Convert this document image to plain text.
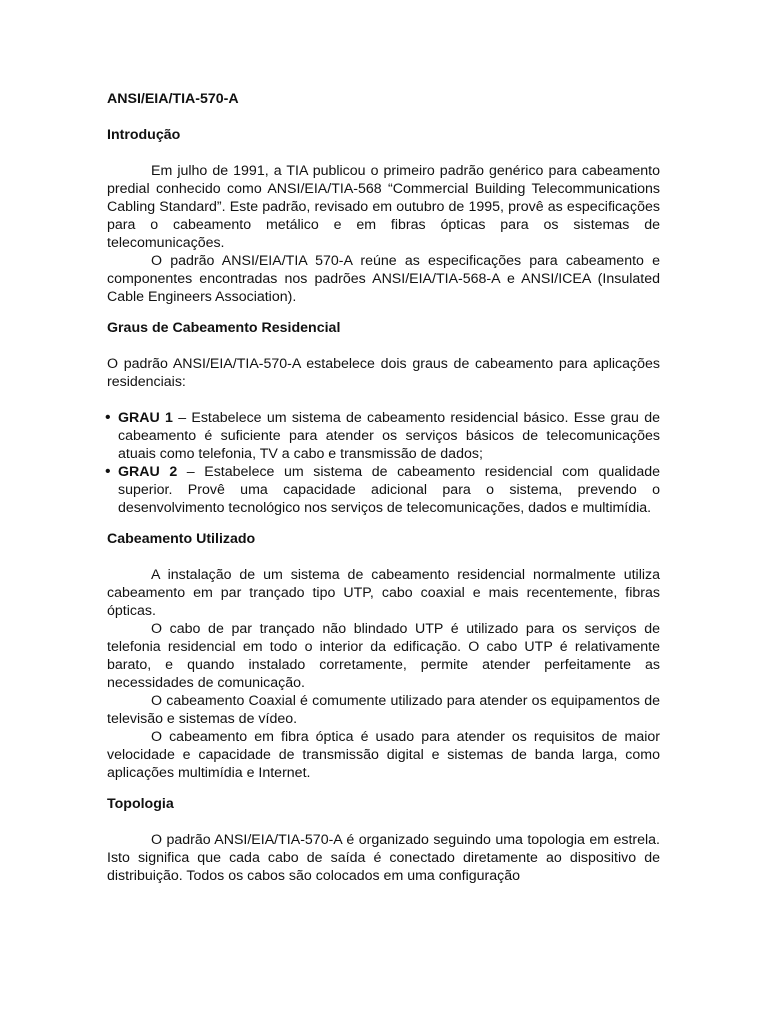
ANSI/EIA/TIA-570-A

Introdução

Em julho de 1991, a TIA publicou o primeiro padrão genérico para cabeamento predial conhecido como ANSI/EIA/TIA-568 “Commercial Building Telecommunications Cabling Standard”. Este padrão, revisado em outubro de 1995, provê as especificações para o cabeamento metálico e em fibras ópticas para os sistemas de telecomunicações.

O padrão ANSI/EIA/TIA 570-A reúne as especificações para cabeamento e componentes encontradas nos padrões ANSI/EIA/TIA-568-A e ANSI/ICEA (Insulated Cable Engineers Association).

Graus de Cabeamento Residencial

O padrão ANSI/EIA/TIA-570-A estabelece dois graus de cabeamento para aplicações residenciais:

• GRAU 1 – Estabelece um sistema de cabeamento residencial básico. Esse grau de cabeamento é suficiente para atender os serviços básicos de telecomunicações atuais como telefonia, TV a cabo e transmissão de dados;
• GRAU 2 – Estabelece um sistema de cabeamento residencial com qualidade superior. Provê uma capacidade adicional para o sistema, prevendo o desenvolvimento tecnológico nos serviços de telecomunicações, dados e multimídia.

Cabeamento Utilizado

A instalação de um sistema de cabeamento residencial normalmente utiliza cabeamento em par trançado tipo UTP, cabo coaxial e mais recentemente, fibras ópticas.

O cabo de par trançado não blindado UTP é utilizado para os serviços de telefonia residencial em todo o interior da edificação. O cabo UTP é relativamente barato, e quando instalado corretamente, permite atender perfeitamente as necessidades de comunicação.

O cabeamento Coaxial é comumente utilizado para atender os equipamentos de televisão e sistemas de vídeo.

O cabeamento em fibra óptica é usado para atender os requisitos de maior velocidade e capacidade de transmissão digital e sistemas de banda larga, como aplicações multimídia e Internet.

Topologia

O padrão ANSI/EIA/TIA-570-A é organizado seguindo uma topologia em estrela. Isto significa que cada cabo de saída é conectado diretamente ao dispositivo de distribuição. Todos os cabos são colocados em uma configuração
